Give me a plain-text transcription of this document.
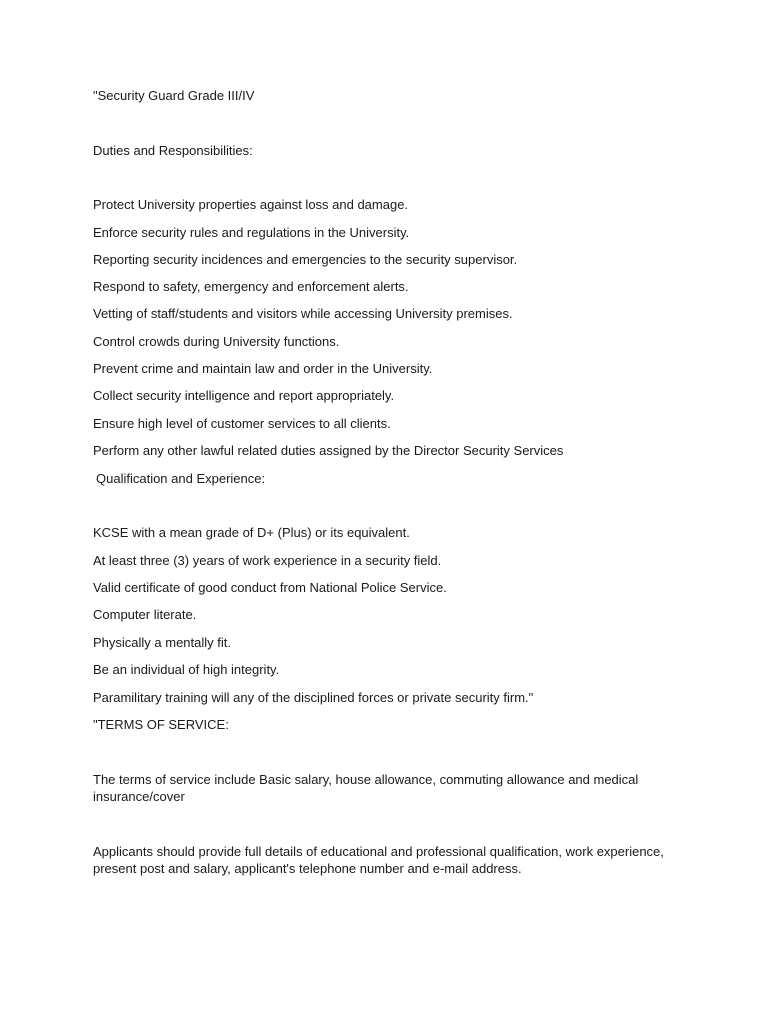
"Security Guard Grade III/IV
Duties and Responsibilities:
Protect University properties against loss and damage.
Enforce security rules and regulations in the University.
Reporting security incidences and emergencies to the security supervisor.
Respond to safety, emergency and enforcement alerts.
Vetting of staff/students and visitors while accessing University premises.
Control crowds during University functions.
Prevent crime and maintain law and order in the University.
Collect security intelligence and report appropriately.
Ensure high level of customer services to all clients.
Perform any other lawful related duties assigned by the Director Security Services
Qualification and Experience:
KCSE with a mean grade of D+ (Plus) or its equivalent.
At least three (3) years of work experience in a security field.
Valid certificate of good conduct from National Police Service.
Computer literate.
Physically a mentally fit.
Be an individual of high integrity.
Paramilitary training will any of the disciplined forces or private security firm."
"TERMS OF SERVICE:
The terms of service include Basic salary, house allowance, commuting allowance and medical insurance/cover
Applicants should provide full details of educational and professional qualification, work experience, present post and salary, applicant's telephone number and e-mail address.
